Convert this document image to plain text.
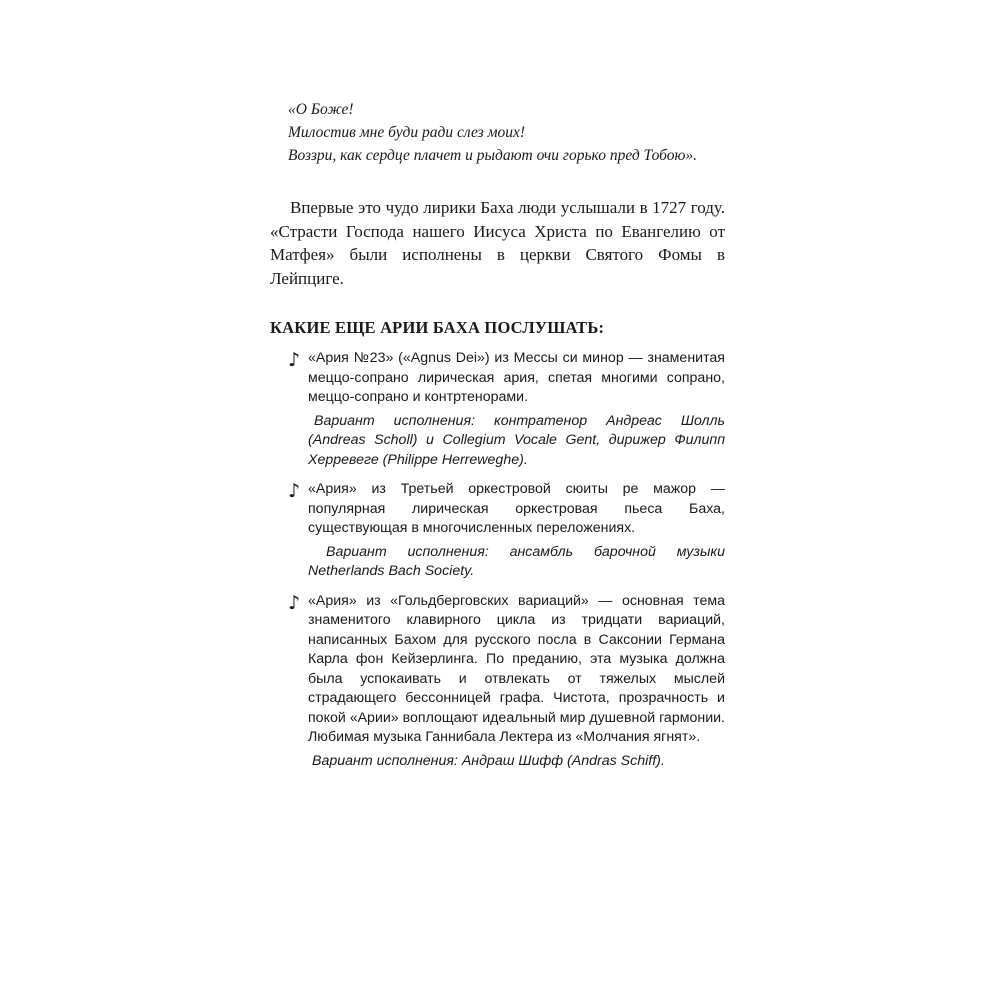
«О Боже!
Милостив мне буди ради слез моих!
Воззри, как сердце плачет и рыдают очи горько пред Тобою».

Впервые это чудо лирики Баха люди услышали в 1727 году. «Страсти Господа нашего Иисуса Христа по Евангелию от Матфея» были исполнены в церкви Святого Фомы в Лейпциге.

КАКИЕ ЕЩЕ АРИИ БАХА ПОСЛУШАТЬ:
♪ «Ария №23» («Agnus Dei») из Мессы си минор — знаменитая меццо-сопрано лирическая ария, спетая многими сопрано, меццо-сопрано и контртенорами.

Вариант исполнения: контратенор Андреас Шолль (Andreas Scholl) и Collegium Vocale Gent, дирижер Филипп Херревеге (Philippe Herreweghe).

♪ «Ария» из Третьей оркестровой сюиты ре мажор — популярная лирическая оркестровая пьеса Баха, существующая в многочисленных переложениях.

Вариант исполнения: ансамбль барочной музыки Netherlands Bach Society.

♪ «Ария» из «Гольдберговских вариаций» — основная тема знаменитого клавирного цикла из тридцати вариаций, написанных Бахом для русского посла в Саксонии Германа Карла фон Кейзерлинга. По преданию, эта музыка должна была успокаивать и отвлекать от тяжелых мыслей страдающего бессонницей графа. Чистота, прозрачность и покой «Арии» воплощают идеальный мир душевной гармонии. Любимая музыка Ганнибала Лектера из «Молчания ягнят».

Вариант исполнения: Андраш Шифф (Andras Schiff).
